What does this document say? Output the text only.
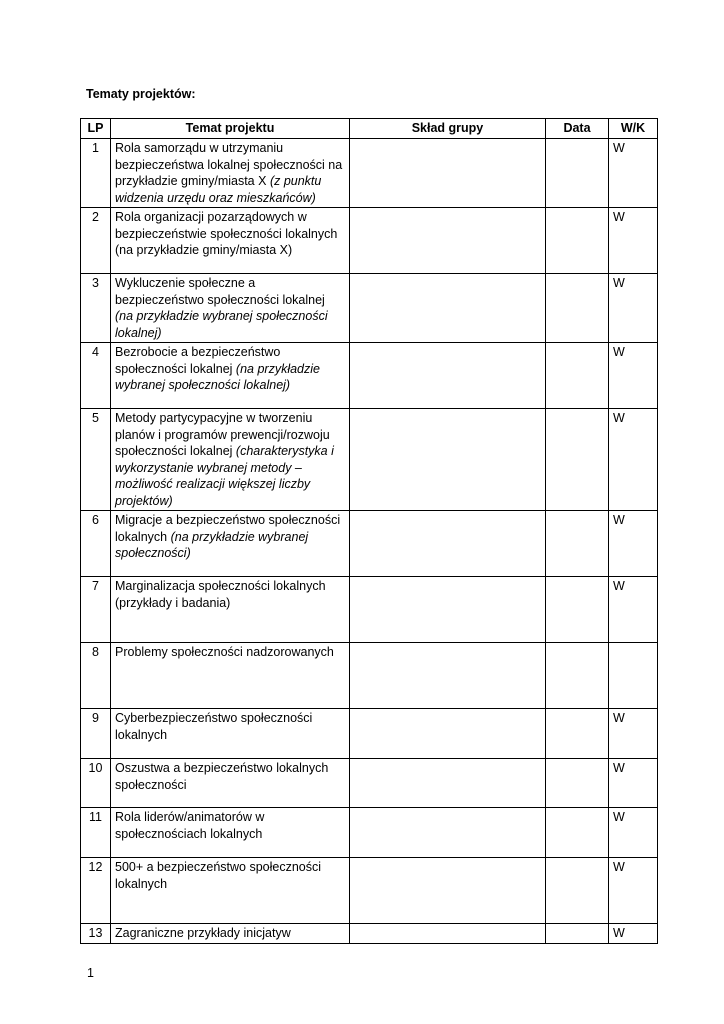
Tematy projektów:
LP	Temat projektu	Skład grupy	Data	W/K
1	Rola samorządu w utrzymaniu bezpieczeństwa lokalnej społeczności na przykładzie gminy/miasta X (z punktu widzenia urzędu oraz mieszkańców)			W
2	Rola organizacji pozarządowych w bezpieczeństwie społeczności lokalnych (na przykładzie gminy/miasta X)			W
3	Wykluczenie społeczne a bezpieczeństwo społeczności lokalnej (na przykładzie wybranej społeczności lokalnej)			W
4	Bezrobocie a bezpieczeństwo społeczności lokalnej (na przykładzie wybranej społeczności lokalnej)			W
5	Metody partycypacyjne w tworzeniu planów i programów prewencji/rozwoju społeczności lokalnej (charakterystyka i wykorzystanie wybranej metody – możliwość realizacji większej liczby projektów)			W
6	Migracje a bezpieczeństwo społeczności lokalnych (na przykładzie wybranej społeczności)			W
7	Marginalizacja społeczności lokalnych (przykłady i badania)			W
8	Problemy społeczności nadzorowanych			
9	Cyberbezpieczeństwo społeczności lokalnych			W
10	Oszustwa a bezpieczeństwo lokalnych społeczności			W
11	Rola liderów/animatorów w społecznościach lokalnych			W
12	500+ a bezpieczeństwo społeczności lokalnych			W
13	Zagraniczne przykłady inicjatyw			W
1
